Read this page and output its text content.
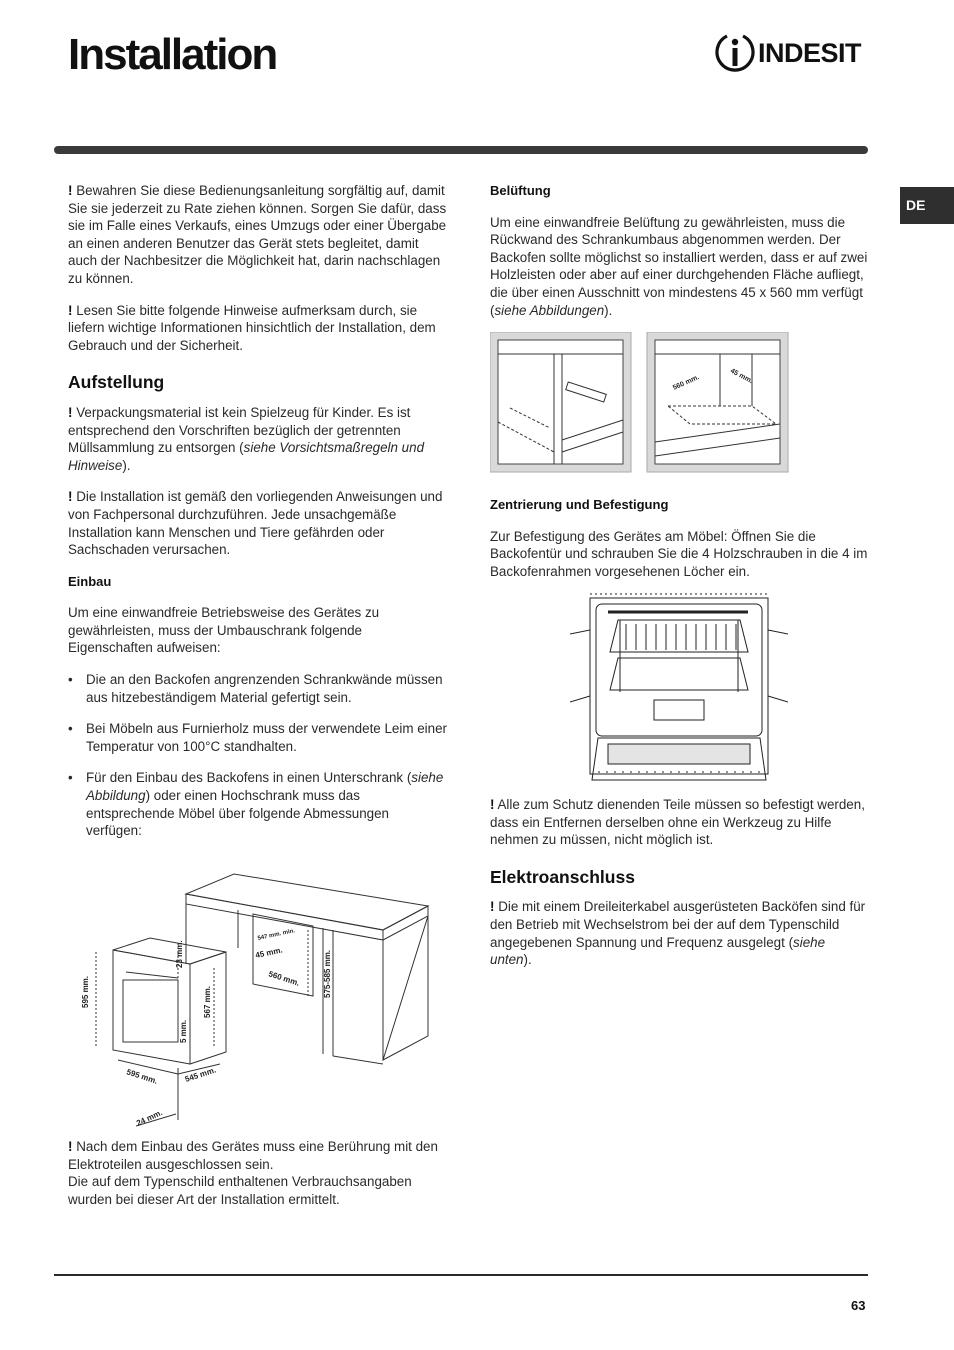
Installation	INDESIT
DE

! Bewahren Sie diese Bedienungsanleitung sorgfältig auf, damit Sie sie jederzeit zu Rate ziehen können. Sorgen Sie dafür, dass sie im Falle eines Verkaufs, eines Umzugs oder einer Übergabe an einen anderen Benutzer das Gerät stets begleitet, damit auch der Nachbesitzer die Möglichkeit hat, darin nachschlagen zu können.

! Lesen Sie bitte folgende Hinweise aufmerksam durch, sie liefern wichtige Informationen hinsichtlich der Installation, dem Gebrauch und der Sicherheit.

Aufstellung

! Verpackungsmaterial ist kein Spielzeug für Kinder. Es ist entsprechend den Vorschriften bezüglich der getrennten Müllsammlung zu entsorgen (siehe Vorsichtsmaßregeln und Hinweise).

! Die Installation ist gemäß den vorliegenden Anweisungen und von Fachpersonal durchzuführen. Jede unsachgemäße Installation kann Menschen und Tiere gefährden oder Sachschaden verursachen.

Einbau

Um eine einwandfreie Betriebsweise des Gerätes zu gewährleisten, muss der Umbauschrank folgende Eigenschaften aufweisen:

• Die an den Backofen angrenzenden Schrankwände müssen aus hitzebeständigem Material gefertigt sein.
• Bei Möbeln aus Furnierholz muss der verwendete Leim einer Temperatur von 100°C standhalten.
• Für den Einbau des Backofens in einen Unterschrank (siehe Abbildung) oder einen Hochschrank muss das entsprechende Möbel über folgende Abmessungen verfügen:
595 mm.
23 mm.
567 mm.
5 mm.
595 mm.	545 mm.
24 mm.
547 mm. min.
45 mm.
560 mm.	575-585 mm.

! Nach dem Einbau des Gerätes muss eine Berührung mit den Elektroteilen ausgeschlossen sein.
Die auf dem Typenschild enthaltenen Verbrauchsangaben wurden bei dieser Art der Installation ermittelt.

Belüftung

Um eine einwandfreie Belüftung zu gewährleisten, muss die Rückwand des Schrankumbaus abgenommen werden. Der Backofen sollte möglichst so installiert werden, dass er auf zwei Holzleisten oder aber auf einer durchgehenden Fläche aufliegt, die über einen Ausschnitt von mindestens 45 x 560 mm verfügt (siehe Abbildungen).

560 mm.	45 mm.
Zentrierung und Befestigung

Zur Befestigung des Gerätes am Möbel: Öffnen Sie die Backofentür und schrauben Sie die 4 Holzschrauben in die 4 im Backofenrahmen vorgesehenen Löcher ein.

! Alle zum Schutz dienenden Teile müssen so befestigt werden, dass ein Entfernen derselben ohne ein Werkzeug zu Hilfe nehmen zu müssen, nicht möglich ist.

Elektroanschluss

! Die mit einem Dreileiterkabel ausgerüsteten Backöfen sind für den Betrieb mit Wechselstrom bei der auf dem Typenschild angegebenen Spannung und Frequenz ausgelegt (siehe unten).

63
